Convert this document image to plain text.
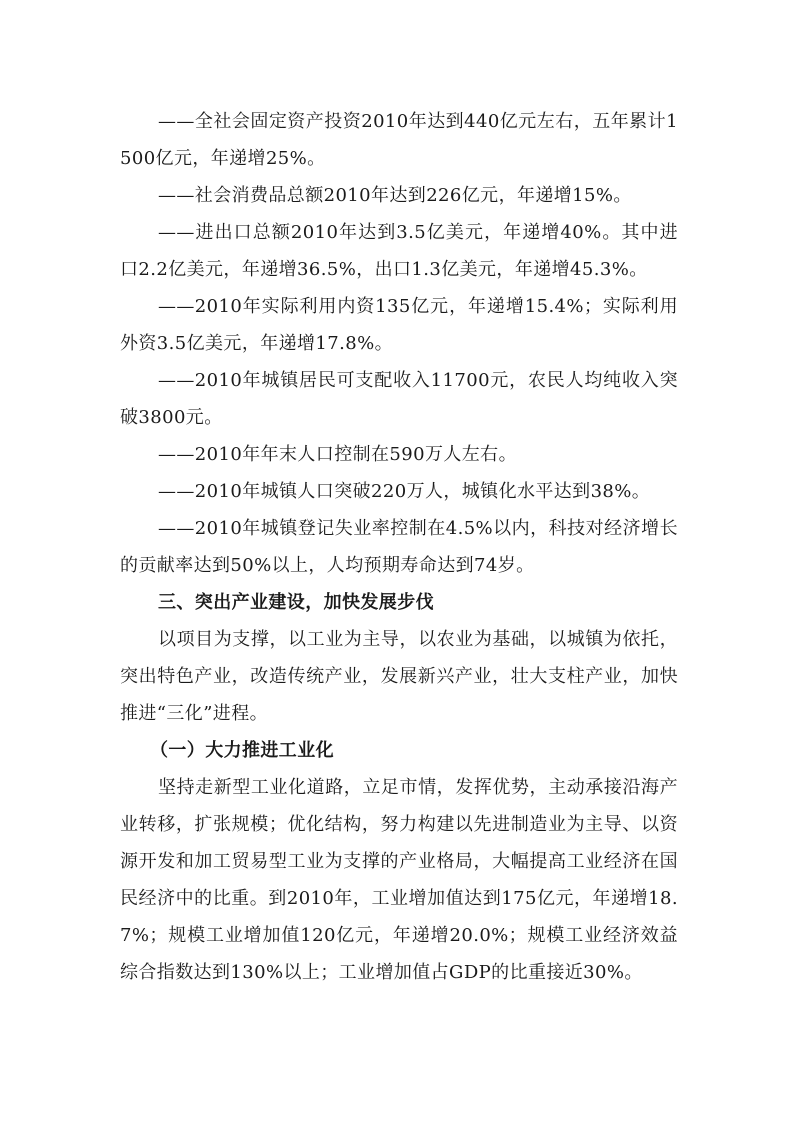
——全社会固定资产投资2010年达到440亿元左右，五年累计1500亿元，年递增25%。

——社会消费品总额2010年达到226亿元，年递增15%。

——进出口总额2010年达到3.5亿美元，年递增40%。其中进口2.2亿美元，年递增36.5%，出口1.3亿美元，年递增45.3%。

——2010年实际利用内资135亿元，年递增15.4%；实际利用外资3.5亿美元，年递增17.8%。

——2010年城镇居民可支配收入11700元，农民人均纯收入突破3800元。

——2010年年末人口控制在590万人左右。

——2010年城镇人口突破220万人，城镇化水平达到38%。

——2010年城镇登记失业率控制在4.5%以内，科技对经济增长的贡献率达到50%以上，人均预期寿命达到74岁。

三、突出产业建设，加快发展步伐

以项目为支撑，以工业为主导，以农业为基础，以城镇为依托，突出特色产业，改造传统产业，发展新兴产业，壮大支柱产业，加快推进“三化”进程。

（一）大力推进工业化

坚持走新型工业化道路，立足市情，发挥优势，主动承接沿海产业转移，扩张规模；优化结构，努力构建以先进制造业为主导、以资源开发和加工贸易型工业为支撑的产业格局，大幅提高工业经济在国民经济中的比重。到2010年，工业增加值达到175亿元，年递增18.7%；规模工业增加值120亿元，年递增20.0%；规模工业经济效益综合指数达到130%以上；工业增加值占GDP的比重接近30%。
